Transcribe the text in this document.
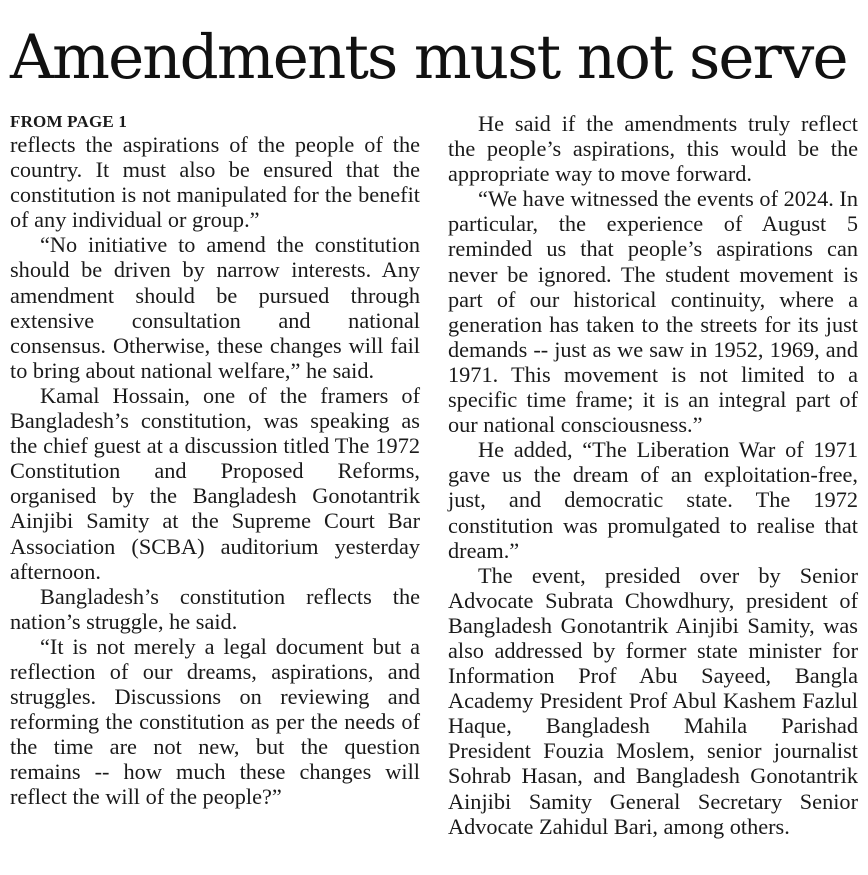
Amendments must not serve
FROM PAGE 1

reflects the aspirations of the people of the country. It must also be ensured that the constitution is not manipulated for the benefit of any individual or group.”

“No initiative to amend the constitution should be driven by narrow interests. Any amendment should be pursued through extensive consultation and national consensus. Otherwise, these changes will fail to bring about national welfare,” he said.

Kamal Hossain, one of the framers of Bangladesh’s constitution, was speaking as the chief guest at a discussion titled The 1972 Constitution and Proposed Reforms, organised by the Bangladesh Gonotantrik Ainjibi Samity at the Supreme Court Bar Association (SCBA) auditorium yesterday afternoon.

Bangladesh’s constitution reflects the nation’s struggle, he said.

“It is not merely a legal document but a reflection of our dreams, aspirations, and struggles. Discussions on reviewing and reforming the constitution as per the needs of the time are not new, but the question remains -- how much these changes will reflect the will of the people?”

He said if the amendments truly reflect the people’s aspirations, this would be the appropriate way to move forward.

“We have witnessed the events of 2024. In particular, the experience of August 5 reminded us that people’s aspirations can never be ignored. The student movement is part of our historical continuity, where a generation has taken to the streets for its just demands -- just as we saw in 1952, 1969, and 1971. This movement is not limited to a specific time frame; it is an integral part of our national consciousness.”

He added, “The Liberation War of 1971 gave us the dream of an exploitation-free, just, and democratic state. The 1972 constitution was promulgated to realise that dream.”

The event, presided over by Senior Advocate Subrata Chowdhury, president of Bangladesh Gonotantrik Ainjibi Samity, was also addressed by former state minister for Information Prof Abu Sayeed, Bangla Academy President Prof Abul Kashem Fazlul Haque, Bangladesh Mahila Parishad President Fouzia Moslem, senior journalist Sohrab Hasan, and Bangladesh Gonotantrik Ainjibi Samity General Secretary Senior Advocate Zahidul Bari, among others.
